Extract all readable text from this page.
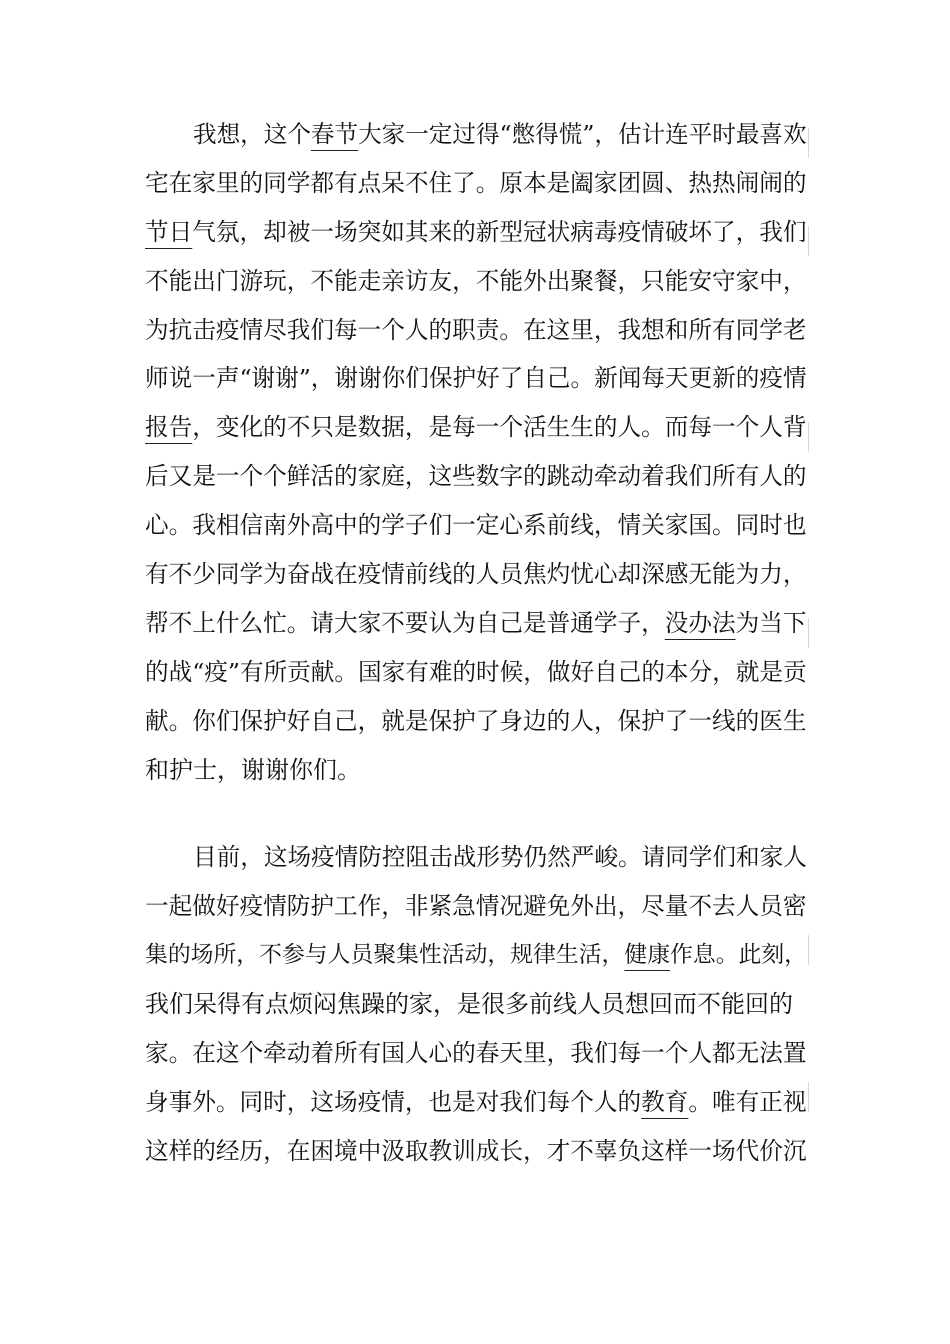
我想，这个春节大家一定过得“憋得慌”，估计连平时最喜欢
宅在家里的同学都有点呆不住了。原本是阖家团圆、热热闹闹的
节日气氛，却被一场突如其来的新型冠状病毒疫情破坏了，我们
不能出门游玩，不能走亲访友，不能外出聚餐，只能安守家中，
为抗击疫情尽我们每一个人的职责。在这里，我想和所有同学老
师说一声“谢谢”，谢谢你们保护好了自己。新闻每天更新的疫情
报告，变化的不只是数据，是每一个活生生的人。而每一个人背
后又是一个个鲜活的家庭，这些数字的跳动牵动着我们所有人的
心。我相信南外高中的学子们一定心系前线，情关家国。同时也
有不少同学为奋战在疫情前线的人员焦灼忧心却深感无能为力，
帮不上什么忙。请大家不要认为自己是普通学子，没办法为当下
的战“疫”有所贡献。国家有难的时候，做好自己的本分，就是贡
献。你们保护好自己，就是保护了身边的人，保护了一线的医生
和护士，谢谢你们。
目前，这场疫情防控阻击战形势仍然严峻。请同学们和家人
一起做好疫情防护工作，非紧急情况避免外出，尽量不去人员密
集的场所，不参与人员聚集性活动，规律生活，健康作息。此刻，
我们呆得有点烦闷焦躁的家，是很多前线人员想回而不能回的
家。在这个牵动着所有国人心的春天里，我们每一个人都无法置
身事外。同时，这场疫情，也是对我们每个人的教育。唯有正视
这样的经历，在困境中汲取教训成长，才不辜负这样一场代价沉
